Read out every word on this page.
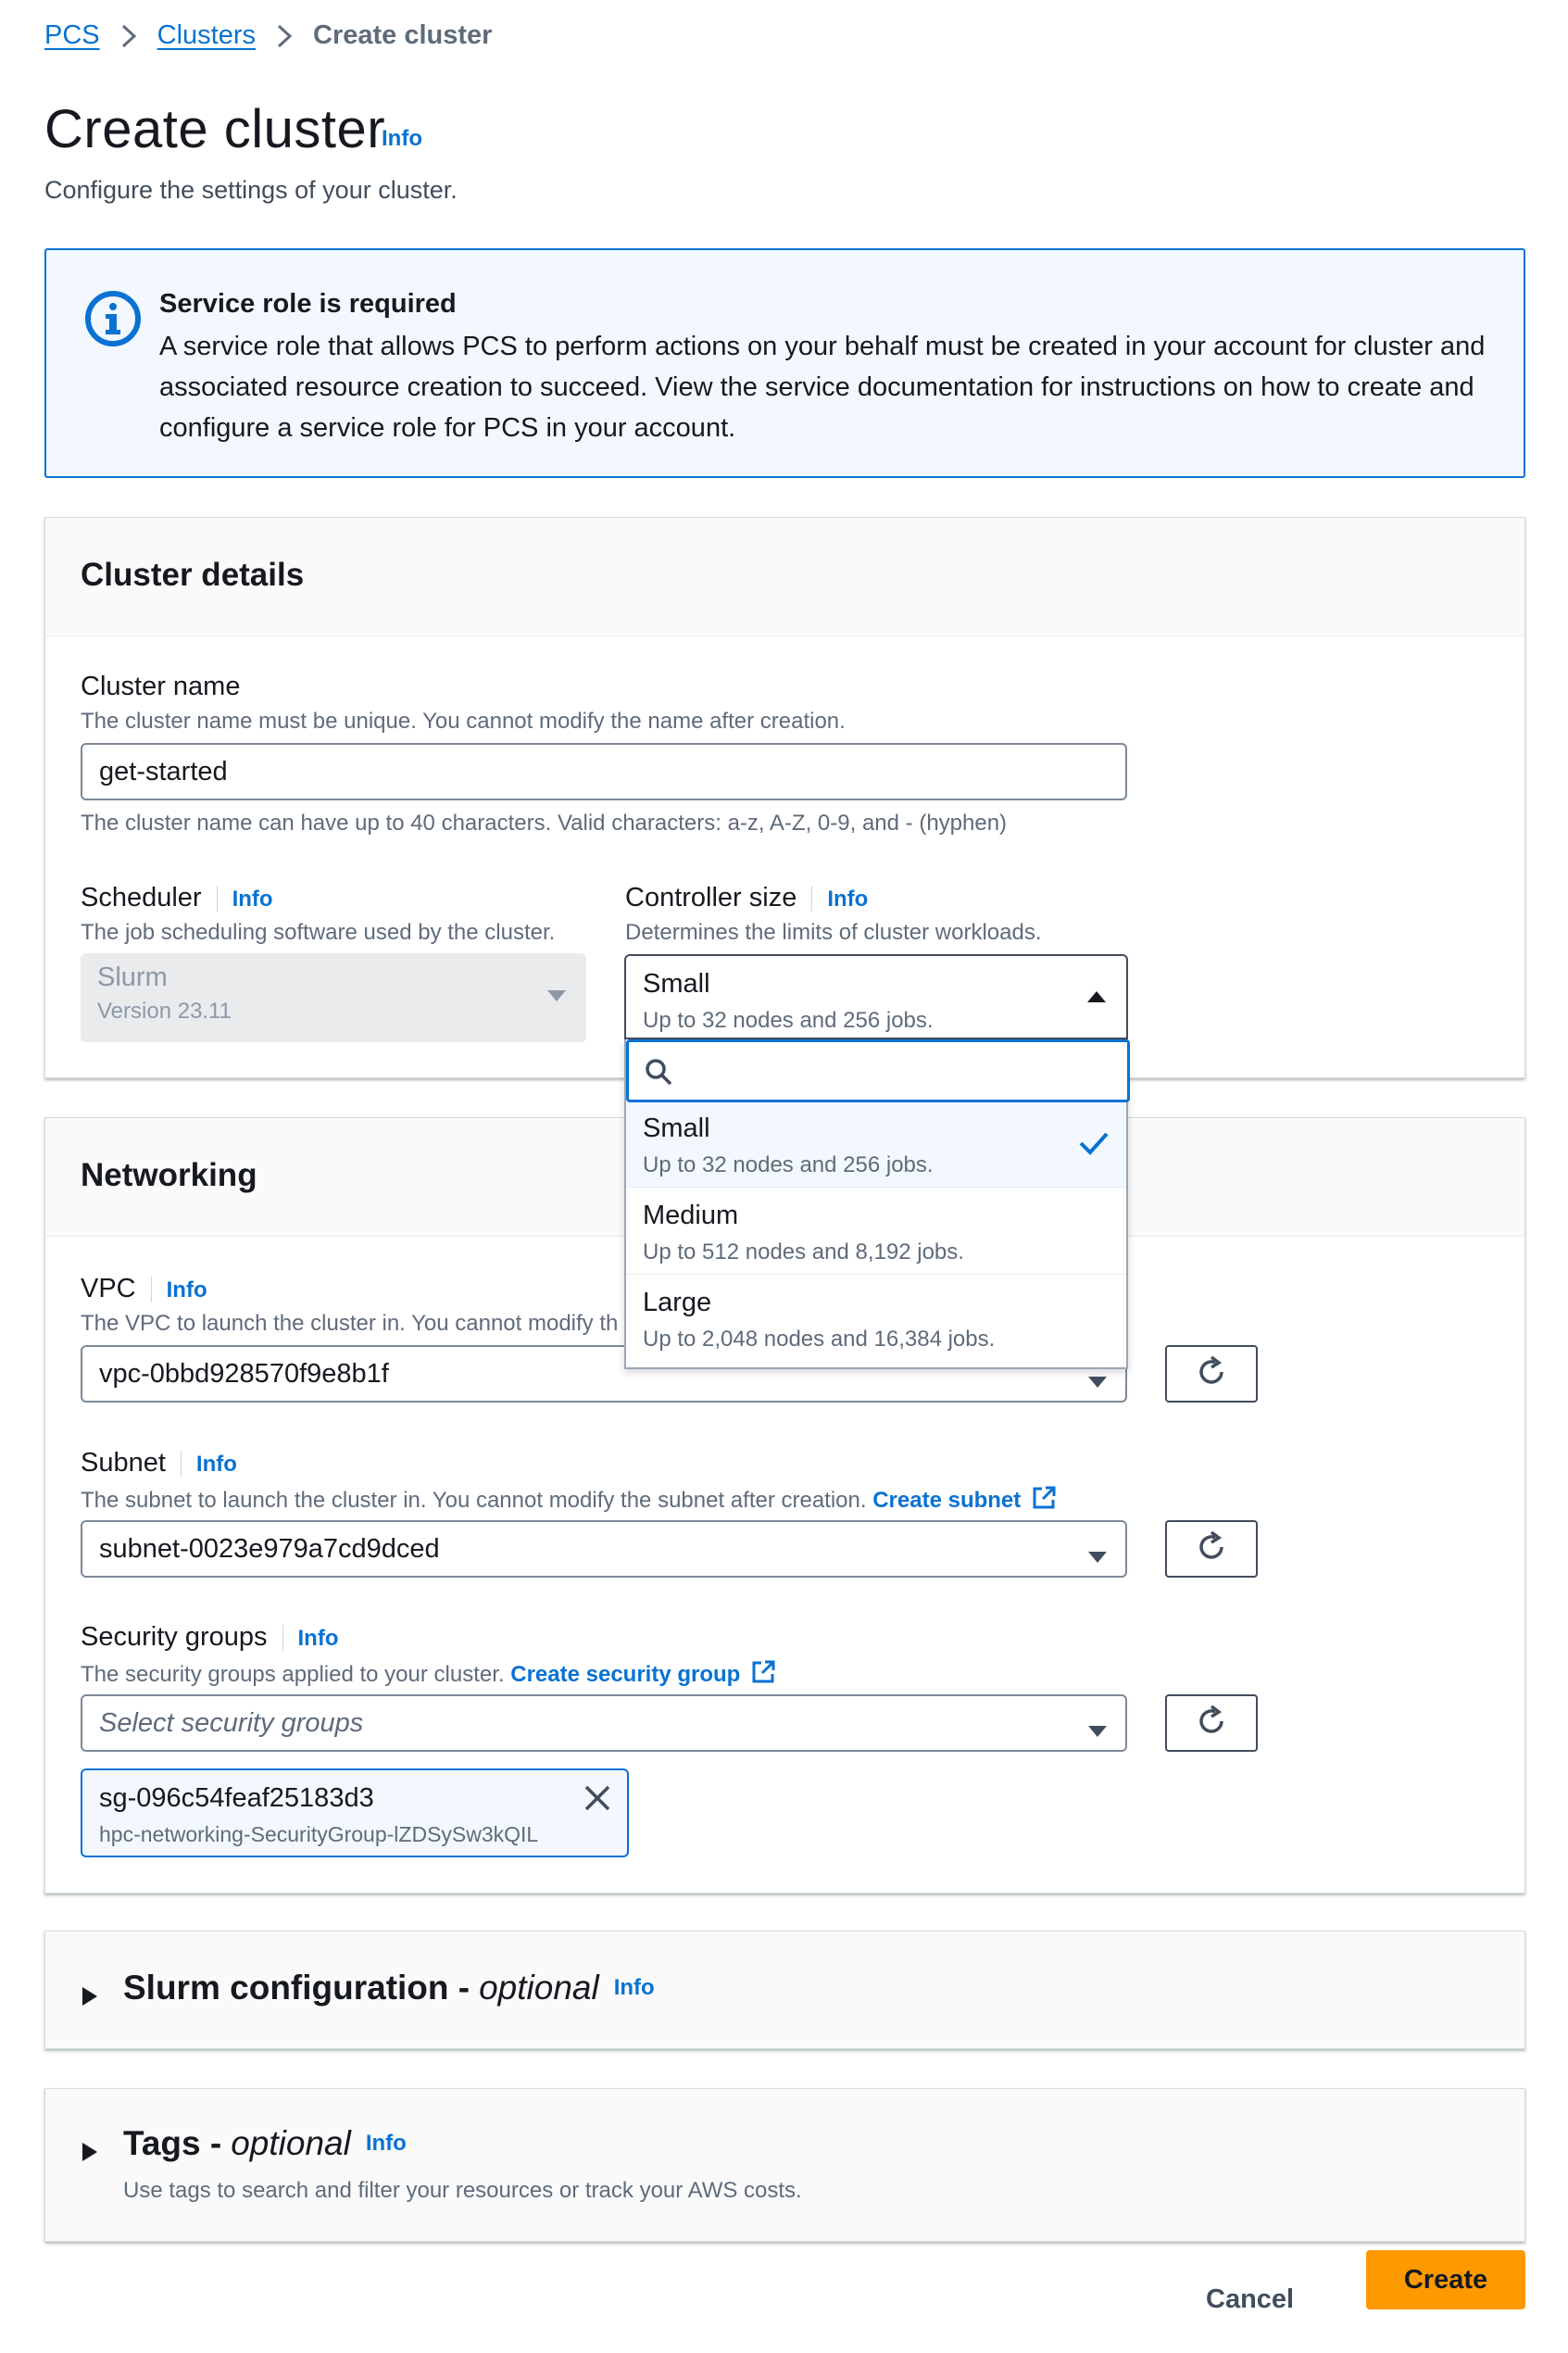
PCS Clusters Create cluster
Create cluster
Info
Configure the settings of your cluster.
Service role is required
A service role that allows PCS to perform actions on your behalf must be created in your account for cluster and associated resource creation to succeed. View the service documentation for instructions on how to create and configure a service role for PCS in your account.
Cluster details
Cluster name
The cluster name must be unique. You cannot modify the name after creation.
get-started
The cluster name can have up to 40 characters. Valid characters: a-z, A-Z, 0-9, and - (hyphen)
Scheduler Info
The job scheduling software used by the cluster.
Slurm
Version 23.11
Controller size Info
Determines the limits of cluster workloads.
Networking
VPC Info
The VPC to launch the cluster in. You cannot modify th
vpc-0bbd928570f9e8b1f
Subnet Info
The subnet to launch the cluster in. You cannot modify the subnet after creation. Create subnet
subnet-0023e979a7cd9dced
Security groups Info
The security groups applied to your cluster. Create security group
Select security groups
sg-096c54feaf25183d3
hpc-networking-SecurityGroup-lZDSySw3kQIL
Slurm configuration - optional Info
Tags - optional Info
Use tags to search and filter your resources or track your AWS costs.
Small
Up to 32 nodes and 256 jobs.
Small
Up to 32 nodes and 256 jobs.
Medium
Up to 512 nodes and 8,192 jobs.
Large
Up to 2,048 nodes and 16,384 jobs.
Cancel
Create
